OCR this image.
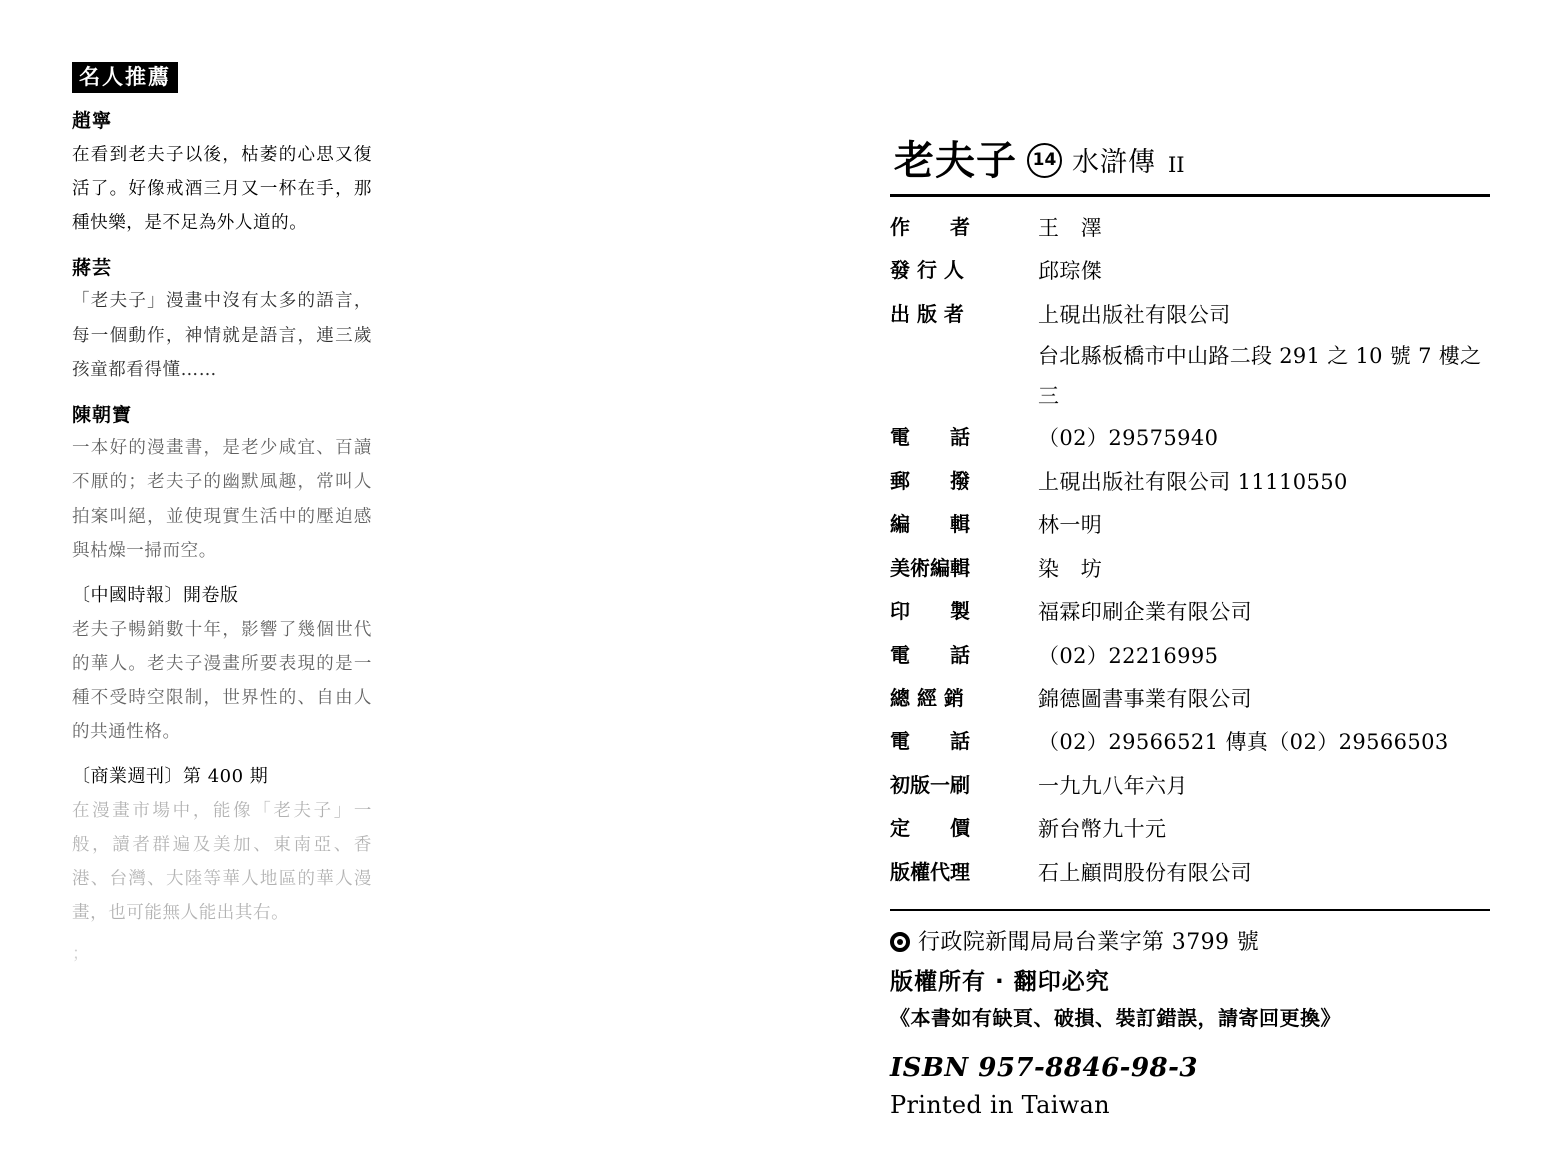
名人推薦
趙寧
在看到老夫子以後，枯萎的心思又復活了。好像戒酒三月又一杯在手，那種快樂，是不足為外人道的。
蔣芸
「老夫子」漫畫中沒有太多的語言，每一個動作，神情就是語言，連三歲孩童都看得懂……
陳朝寶
一本好的漫畫書，是老少咸宜、百讀不厭的；老夫子的幽默風趣，常叫人拍案叫絕，並使現實生活中的壓迫感與枯燥一掃而空。
〔中國時報〕開卷版
老夫子暢銷數十年，影響了幾個世代的華人。老夫子漫畫所要表現的是一種不受時空限制，世界性的、自由人的共通性格。
〔商業週刊〕第 400 期
在漫畫市場中，能像「老夫子」一般，讀者群遍及美加、東南亞、香港、台灣、大陸等華人地區的華人漫畫，也可能無人能出其右。
；
老夫子 14 水滸傳 II
作　　者	王　澤
發 行 人	邱琮傑
出 版 者	上硯出版社有限公司
台北縣板橋市中山路二段 291 之 10 號 7 樓之三

電　　話	（02）29575940
郵　　撥	上硯出版社有限公司 11110550
編　　輯	林一明
美術編輯	染　坊
印　　製	福霖印刷企業有限公司
電　　話	（02）22216995
總 經 銷	錦德圖書事業有限公司
電　　話	（02）29566521 傳真（02）29566503
初版一刷	一九九八年六月
定　　價	新台幣九十元
版權代理	石上顧問股份有限公司
行政院新聞局局台業字第 3799 號
版權所有 · 翻印必究
《本書如有缺頁、破損、裝訂錯誤，請寄回更換》
ISBN 957-8846-98-3
Printed in Taiwan
